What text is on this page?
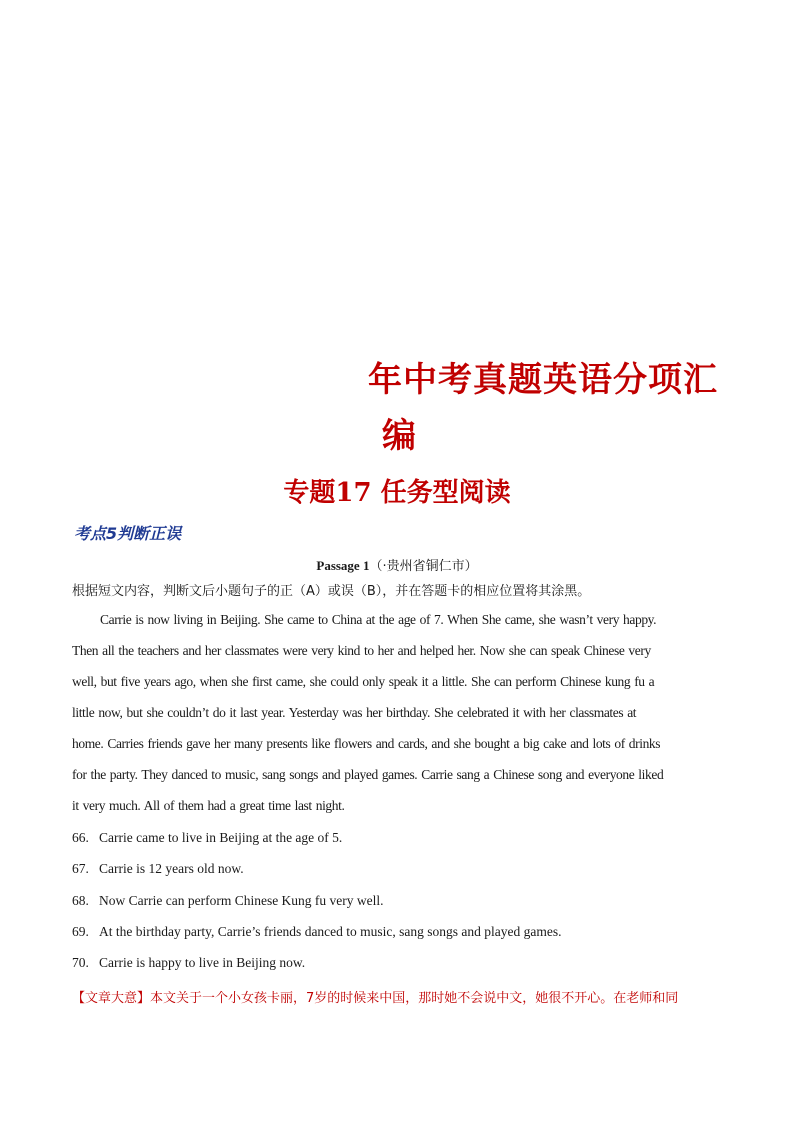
年中考真题英语分项汇
编
专题17 任务型阅读
考点5判断正误
Passage 1（·贵州省铜仁市）
根据短文内容，判断文后小题句子的正（A）或误（B），并在答题卡的相应位置将其涂黑。
Carrie is now living in Beijing. She came to China at the age of 7. When She came, she wasn’t very happy.
Then all the teachers and her classmates were very kind to her and helped her. Now she can speak Chinese very
well, but five years ago, when she first came, she could only speak it a little. She can perform Chinese kung fu a
little now, but she couldn’t do it last year. Yesterday was her birthday. She celebrated it with her classmates at
home. Carries friends gave her many presents like flowers and cards, and she bought a big cake and lots of drinks
for the party. They danced to music, sang songs and played games. Carrie sang a Chinese song and everyone liked
it very much. All of them had a great time last night.
66. Carrie came to live in Beijing at the age of 5.
67. Carrie is 12 years old now.
68. Now Carrie can perform Chinese Kung fu very well.
69. At the birthday party, Carrie’s friends danced to music, sang songs and played games.
70. Carrie is happy to live in Beijing now.
【文章大意】本文关于一个小女孩卡丽，7岁的时候来中国，那时她不会说中文，她很不开心。在老师和同
